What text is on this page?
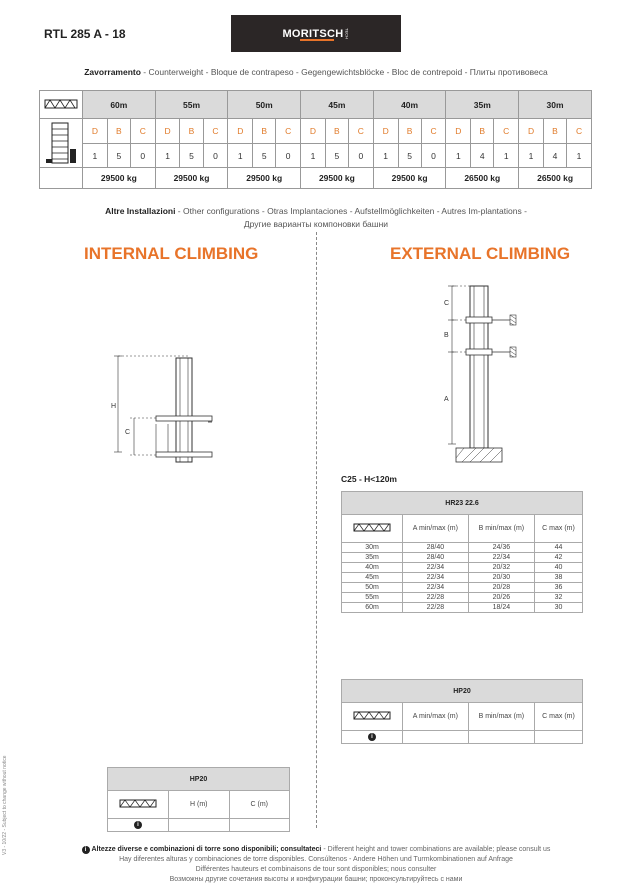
RTL 285 A - 18	MORITSCH TECH
Zavorramento - Counterweight - Bloque de contrapeso - Gegengewichtsblöcke - Bloc de contrepoid - Плиты противовеса
	60m			55m			50m			45m			40m			35m			30m		
	D	B	C	D	B	C	D	B	C	D	B	C	D	B	C	D	B	C	D	B	C
	1	5	0	1	5	0	1	5	0	1	5	0	1	5	0	1	4	1	1	4	1
	29500 kg			29500 kg			29500 kg			29500 kg			29500 kg			26500 kg			26500 kg		
Altre Installazioni - Other configurations - Otras Implantaciones - Aufstellmöglichkeiten - Autres Im-plantations -
Другие варианты компоновки башни
INTERNAL CLIMBING
H
C
HP20		
	H (m)	C (m)
i		
EXTERNAL CLIMBING
C
B
A
C25 - H<120m
HR23 22.6			
	A min/max (m)	B min/max (m)	C max (m)
30m	28/40	24/36	44
35m	28/40	22/34	42
40m	22/34	20/32	40
45m	22/34	20/30	38
50m	22/34	20/28	36
55m	22/28	20/26	32
60m	22/28	18/24	30
HP20			
	A min/max (m)	B min/max (m)	C max (m)
i			
V3 - 10/22 - Subject to change without notice	i Altezze diverse e combinazioni di torre sono disponibili; consultateci - Different height and tower combinations are available; please consult us
Hay diferentes alturas y combinaciones de torre disponibles. Consúltenos - Andere Höhen und Turmkombinationen auf Anfrage
Différentes hauteurs et combinaisons de tour sont disponibles; nous consulter
Возможны другие сочетания высоты и конфигурации башни; проконсультируйтесь с нами
